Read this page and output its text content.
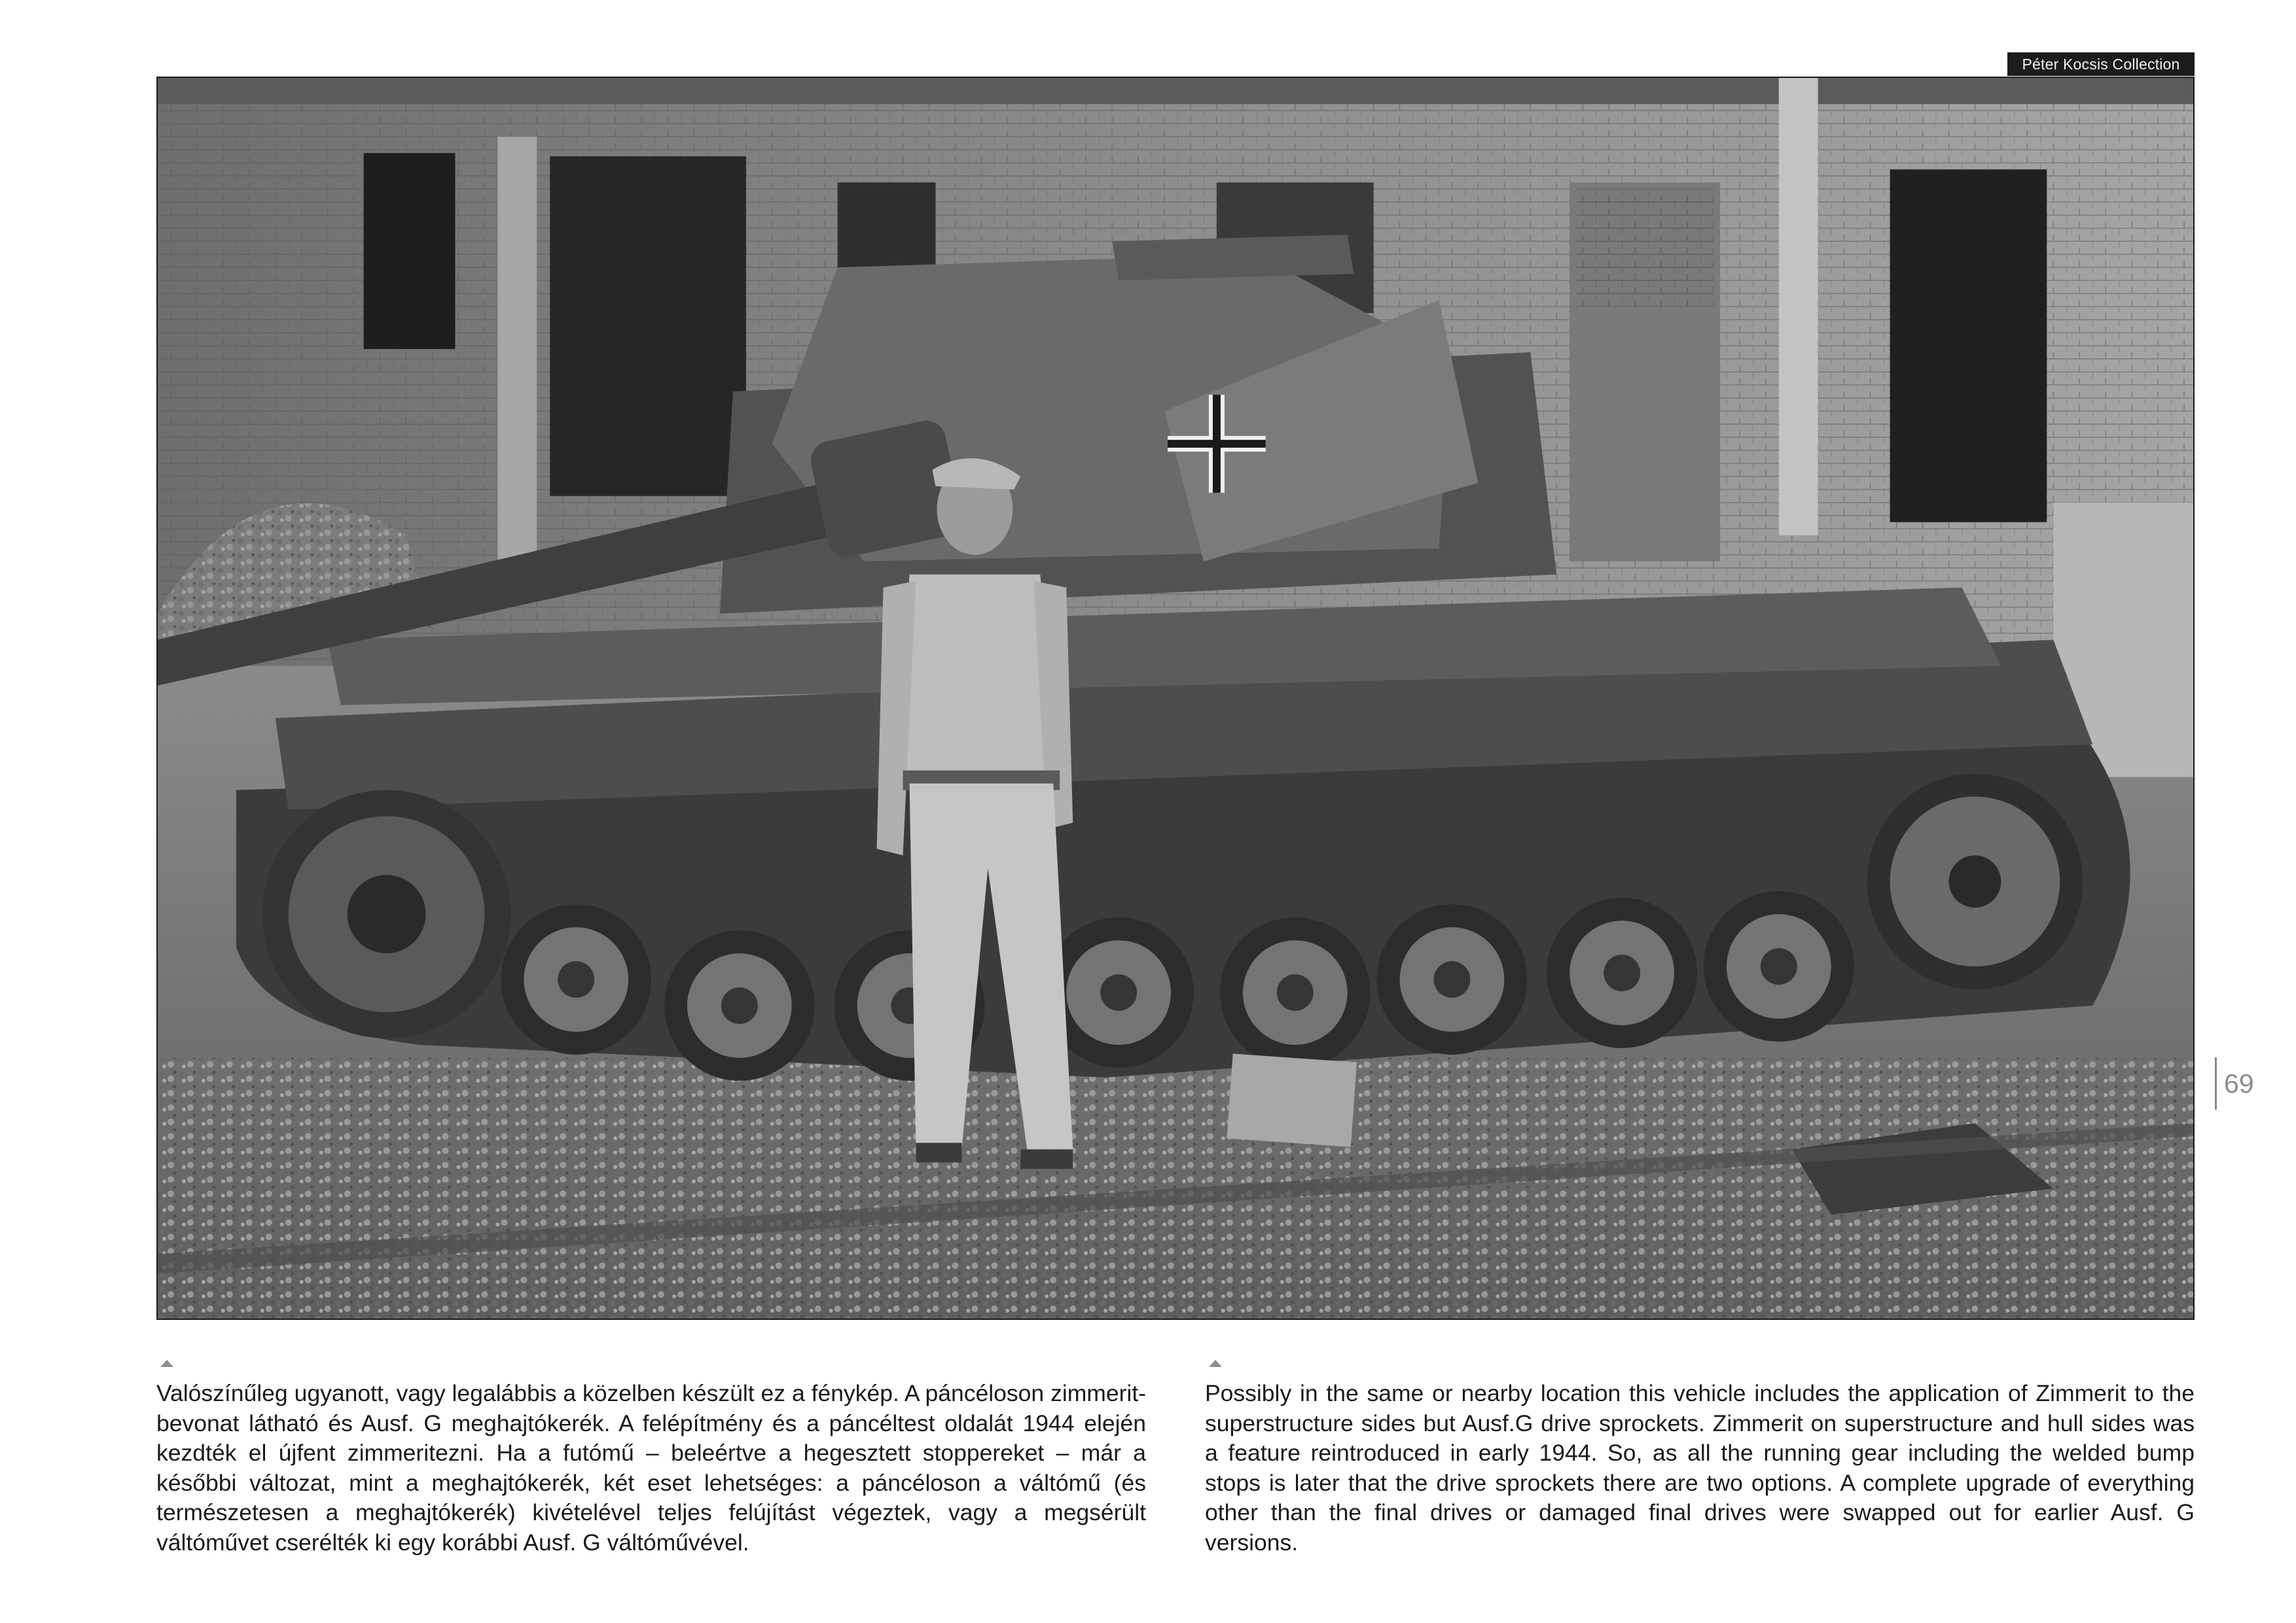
Péter Kocsis Collection
69

Valószínűleg ugyanott, vagy legalábbis a közelben készült ez a fénykép. A páncéloson zimmerit-bevonat látható és Ausf. G meghajtókerék. A felépítmény és a páncéltest oldalát 1944 elején kezdték el újfent zimmeritezni. Ha a futómű – beleértve a hegesztett stoppereket – már a későbbi változat, mint a meghajtókerék, két eset lehetséges: a páncéloson a váltómű (és természetesen a meghajtókerék) kivételével teljes felújítást végeztek, vagy a megsérült váltóművet cserélték ki egy korábbi Ausf. G váltóművével.

Possibly in the same or nearby location this vehicle includes the application of Zimmerit to the superstructure sides but Ausf.G drive sprockets. Zimmerit on superstructure and hull sides was a feature reintroduced in early 1944. So, as all the running gear including the welded bump stops is later that the drive sprockets there are two options. A complete upgrade of everything other than the final drives or damaged final drives were swapped out for earlier Ausf. G versions.
